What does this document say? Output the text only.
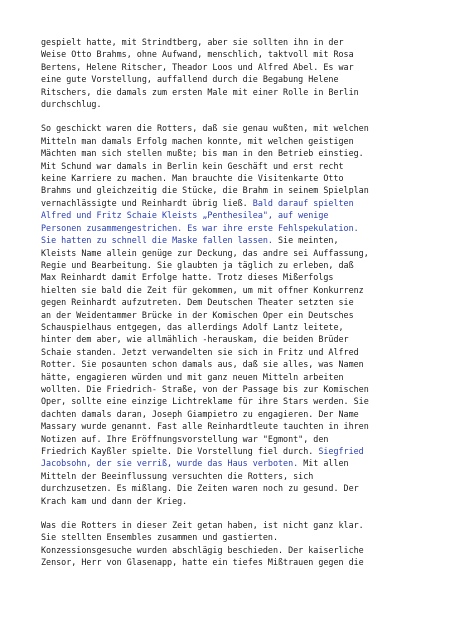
gespielt hatte, mit Strindtberg, aber sie sollten ihn in der
Weise Otto Brahms, ohne Aufwand, menschlich, taktvoll mit Rosa
Bertens, Helene Ritscher, Theador Loos und Alfred Abel. Es war
eine gute Vorstellung, auffallend durch die Begabung Helene
Ritschers, die damals zum ersten Male mit einer Rolle in Berlin
durchschlug.

So geschickt waren die Rotters, daß sie genau wußten, mit welchen
Mitteln man damals Erfolg machen konnte, mit welchen geistigen
Mächten man sich stellen mußte; bis man in den Betrieb einstieg.
Mit Schund war damals in Berlin kein Geschäft und erst recht
keine Karriere zu machen. Man brauchte die Visitenkarte Otto
Brahms und gleichzeitig die Stücke, die Brahm in seinem Spielplan
vernachlässigte und Reinhardt übrig ließ. Bald darauf spielten
Alfred und Fritz Schaie Kleists „Penthesilea", auf wenige
Personen zusammengestrichen. Es war ihre erste Fehlspekulation.
Sie hatten zu schnell die Maske fallen lassen. Sie meinten,
Kleists Name allein genüge zur Deckung, das andre sei Auffassung,
Regie und Bearbeitung. Sie glaubten ja täglich zu erleben, daß
Max Reinhardt damit Erfolge hatte. Trotz dieses Mißerfolgs
hielten sie bald die Zeit für gekommen, um mit offner Konkurrenz
gegen Reinhardt aufzutreten. Dem Deutschen Theater setzten sie
an der Weidentammer Brücke in der Komischen Oper ein Deutsches
Schauspielhaus entgegen, das allerdings Adolf Lantz leitete,
hinter dem aber, wie allmählich -herauskam, die beiden Brüder
Schaie standen. Jetzt verwandelten sie sich in Fritz und Alfred
Rotter. Sie posaunten schon damals aus, daß sie alles, was Namen
hätte, engagieren würden und mit ganz neuen Mitteln arbeiten
wollten. Die Friedrich- Straße, von der Passage bis zur Komischen
Oper, sollte eine einzige Lichtreklame für ihre Stars werden. Sie
dachten damals daran, Joseph Giampietro zu engagieren. Der Name
Massary wurde genannt. Fast alle Reinhardtleute tauchten in ihren
Notizen auf. Ihre Eröffnungsvorstellung war "Egmont", den
Friedrich Kayßler spielte. Die Vorstellung fiel durch. Siegfried
Jacobsohn, der sie verriß, wurde das Haus verboten. Mit allen
Mitteln der Beeinflussung versuchten die Rotters, sich
durchzusetzen. Es mißlang. Die Zeiten waren noch zu gesund. Der
Krach kam und dann der Krieg.

Was die Rotters in dieser Zeit getan haben, ist nicht ganz klar.
Sie stellten Ensembles zusammen und gastierten.
Konzessionsgesuche wurden abschlägig beschieden. Der kaiserliche
Zensor, Herr von Glasenapp, hatte ein tiefes Mißtrauen gegen die
